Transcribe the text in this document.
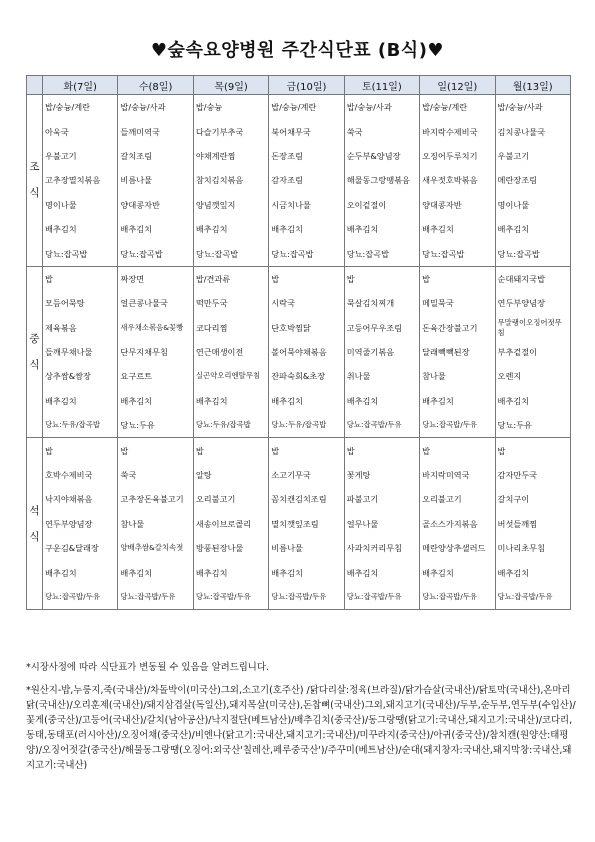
♥숲속요양병원 주간식단표 (B식)♥
	화(7일)	수(8일)	목(9일)	금(10일)	토(11일)	일(12일)	월(13일)

조
식	밥/숭늉/계란	밥/숭늉/사과	밥/숭늉	밥/숭늉/계란	밥/숭늉/사과	밥/숭늉/계란	밥/숭늉/사과
	아욱국	들깨미역국	다슬기부추국	북어채무국	쑥국	바지락수제비국	김치콩나물국
	우불고기	갈치조림	야채계란찜	돈장조림	순두부&양념장	오징어두루치기	우불고기
	고추장멸치볶음	비름나물	참치김치볶음	감자조림	해물동그랑땡볶음	새우젓호박볶음	메란장조림
	명이나물	양대콩자반	양념깻잎지	시금치나물	오이겉절이	양대콩자반	명이나물
	배추김치	배추김치	배추김치	배추김치	배추김치	배추김치	배추김치
	당뇨:잡곡밥	당뇨:잡곡밥	당뇨:잡곡밥	당뇨:잡곡밥	당뇨:잡곡밥	당뇨:잡곡밥	당뇨:잡곡밥

중
식	밥	짜장면	밥/견과류	밥	밥	밥	순대돼지국밥
	모듬어묵탕	얼큰콩나물국	떡만두국	시락국	묵살김치찌개	메밀묵국	연두부양념장
	제육볶음	새우채소볶음&꽃빵	코다리찜	단호박찜닭	고등어무우조림	돈육간장불고기	무말랭이오징어젓무침
	들깨무채나물	단무지채무침	연근매생이전	볼어묵야채볶음	미역줄기볶음	달래빽빽된장	부추겉절이
	상추쌈&쌈장	요구르트	실곤약오리엔탈무침	잔파숙회&초장	취나물	참나물	오렌지
	배추김치	배추김치	배추김치	배추김치	배추김치	배추김치	배추김치
	당뇨:두유/잡곡밥	당뇨:두유	당뇨:두유/잡곡밥	당뇨:두유/잡곡밥	당뇨:잡곡밥/두유	당뇨:잡곡밥/두유	당뇨:두유

석
식	밥	밥	밥	밥	밥	밥	밥
	호박수제비국	쑥국	알탕	소고기무국	꽃게탕	바지락미역국	감자만두국
	낙지야채볶음	고추장돈육불고기	오리불고기	꼼치캔김치조림	파불고기	오리불고기	갈치구이
	연두부양념장	참나물	새송이브로콜리	멸치깻잎조림	얼무나물	골소스가지볶음	버섯들깨찜
	구운김&달래장	양배추쌈&갈치속젓	방풍된장나물	비름나물	사과치커리무침	메란양상추샐러드	미나리초무침
	배추김치	배추김치	배추김치	배추김치	배추김치	배추김치	배추김치
	당뇨:잡곡밥/두유	당뇨:잡곡밥/두유	당뇨:잡곡밥/두유	당뇨:잡곡밥/두유	당뇨:잡곡밥/두유	당뇨:잡곡밥/두유	당뇨:잡곡밥/두유

*시장사정에 따라 식단표가 변동될 수 있음을 알려드립니다.

*원산지-밥,누룽지,죽(국내산)/차돌박이(미국산)그외,소고기(호주산) /닭다리살:정육(브라질)/닭가슴살(국내산)/닭토막(국내산),온마리닭(국내산)/오리훈제(국내산)/돼지삼겹살(독일산),돼지목살(미국산),돈찹뼈(국내산)그외,돼지고기(국내산)/두부,순두부,연두부(수입산)/꽃게(중국산)/고등어(국내산)/갈치(남아공산)/낙지절단(베트남산)/배추김치(중국산)/동그랑땡(닭고기:국내산,돼지고기:국내산)/코다리,동태,동태포(러시아산)/오징어채(중국산)/비엔나(닭고기:국내산,돼지고기:국내산)/미꾸라지(중국산)/아귀(중국산)/참치캔(원양산:태평양)/오징어젓갈(중국산)/해물동그랑땡(오징어:외국산'칠레산,페루중국산')/주꾸미(베트남산)/순대(돼지창자:국내산,돼지막창:국내산,돼지고기:국내산)
